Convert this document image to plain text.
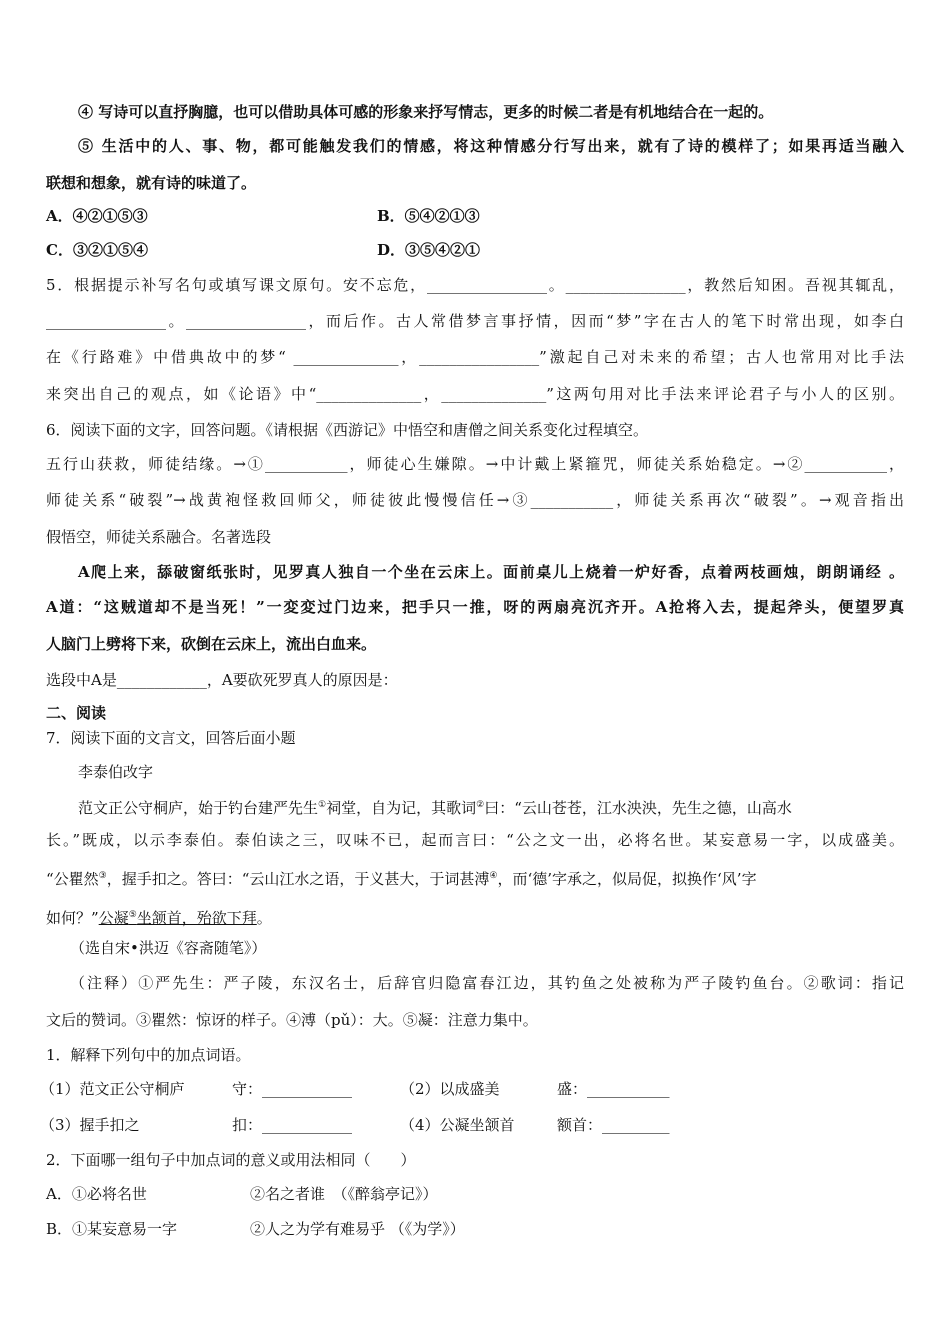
④ 写诗可以直抒胸臆，也可以借助具体可感的形象来抒写情志，更多的时候二者是有机地结合在一起的。
⑤ 生活中的人、事、物，都可能触发我们的情感，将这种情感分行写出来，就有了诗的模样了；如果再适当融入
联想和想象，就有诗的味道了。
A．④②①⑤③	B．⑤④②①③
C．③②①⑤④	D．③⑤④②①
5．根据提示补写名句或填写课文原句。安不忘危，________________。________________，教然后知困。吾视其辄乱，
________________。________________，而后作。古人常借梦言事抒情，因而“梦”字在古人的笔下时常出现，如李白
在《行路难》中借典故中的梦“ ______________，________________”激起自己对未来的希望；古人也常用对比手法
来突出自己的观点，如《论语》中“______________，______________”这两句用对比手法来评论君子与小人的区别。
6．阅读下面的文字，回答问题。《请根据《西游记》中悟空和唐僧之间关系变化过程填空。
五行山获救，师徒结缘。→①___________，师徒心生嫌隙。→中计戴上紧箍咒，师徒关系始稳定。→②___________，
师徒关系“破裂”→战黄袍怪救回师父，师徒彼此慢慢信任→③___________，师徒关系再次“破裂”。→观音指出
假悟空，师徒关系融合。名著选段
A爬上来，舔破窗纸张时，见罗真人独自一个坐在云床上。面前桌儿上烧着一炉好香，点着两枝画烛，朗朗诵经 。
A道：“这贼道却不是当死！”一変変过门边来，把手只一推，呀的两扇亮沉齐开。A抢将入去，提起斧头，便望罗真
人脑门上劈将下来，砍倒在云床上，流出白血来。
选段中A是____________，A要砍死罗真人的原因是：
二、阅读
7．阅读下面的文言文，回答后面小题
李泰伯改字
范文正公守桐庐，始于钓台建严先生①祠堂，自为记，其歌词②曰：“云山苍苍，江水泱泱，先生之德，山高水
长。”既成，以示李泰伯。泰伯读之三，叹味不已，起而言曰：“公之文一出，必将名世。某妄意易一字，以成盛美。
“公瞿然③，握手扣之。答曰：“云山江水之语，于义甚大，于词甚溥④，而‘德’字承之，似局促，拟换作‘风’字
如何？”公凝⑤坐颔首，殆欲下拜。
（选自宋•洪迈《容斋随笔》）
（注释）①严先生：严子陵，东汉名士，后辞官归隐富春江边，其钓鱼之处被称为严子陵钓鱼台。②歌词：指记
文后的赞词。③瞿然：惊讶的样子。④溥（pǔ）：大。⑤凝：注意力集中。
1．解释下列句中的加点词语。
（1）范文正公守桐庐	守：____________	（2）以成盛美	盛：___________
（3）握手扣之	扣：____________	（4）公凝坐颔首	额首：_________
2．下面哪一组句子中加点词的意义或用法相同（　　）
A．①必将名世	②名之者谁　（《醉翁亭记》）
B．①某妄意易一字	②人之为学有难易乎 （《为学》）
